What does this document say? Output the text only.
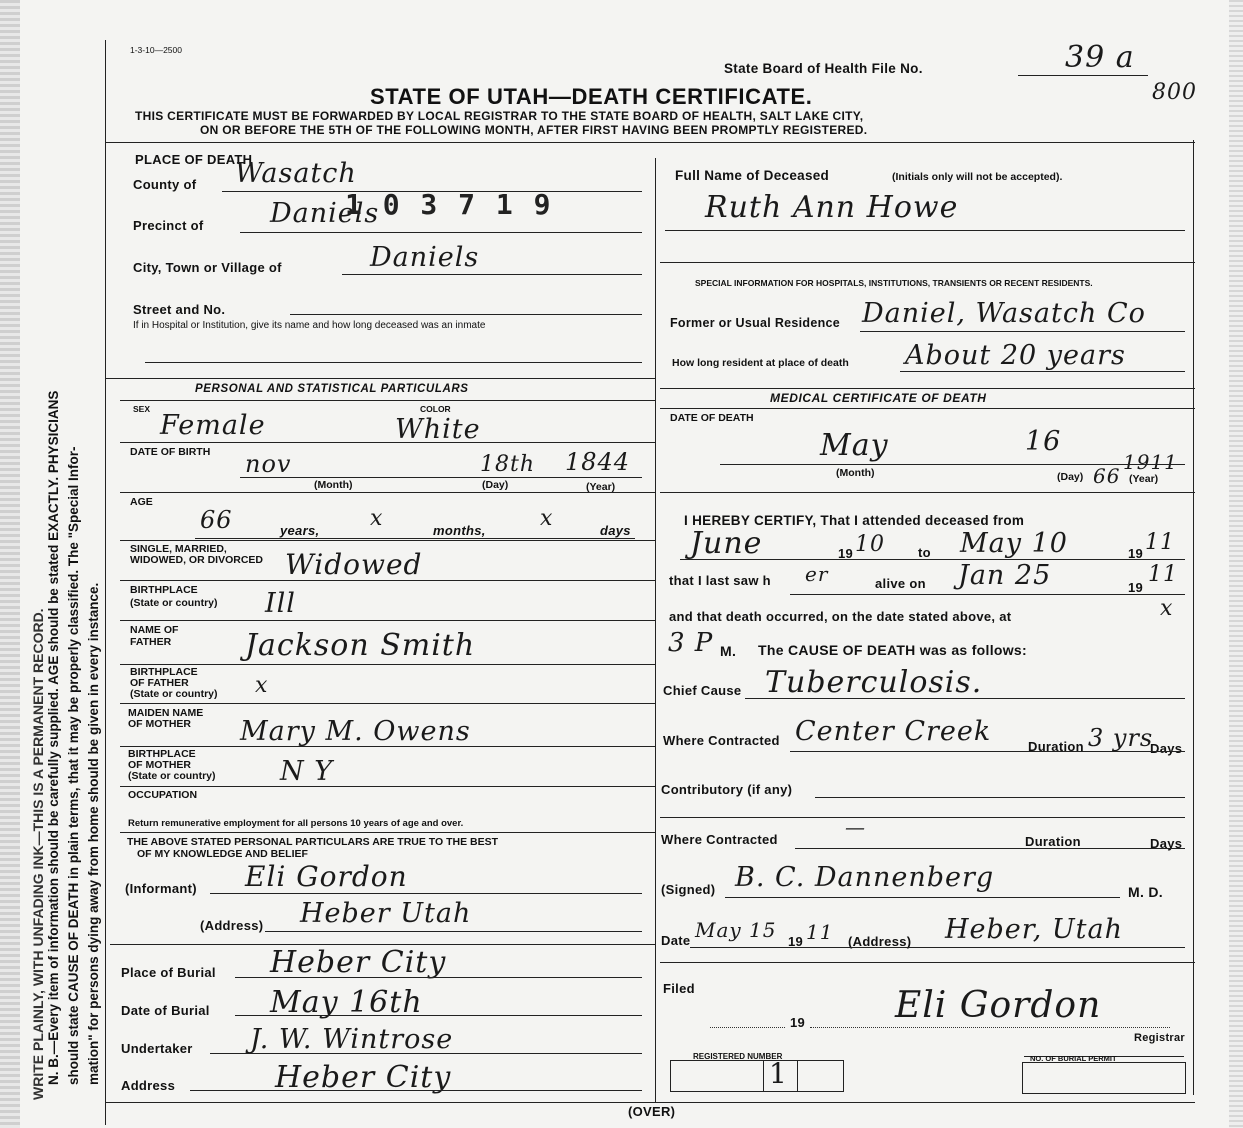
WRITE PLAINLY, WITH UNFADING INK—THIS IS A PERMANENT RECORD. N. B.—Every item of information should be carefully supplied. AGE should be stated EXACTLY. PHYSICIANS should state CAUSE OF DEATH in plain terms, that it may be properly classified. The "Special Infor- mation" for persons dying away from home should be given in every instance.
1-3-10—2500
State Board of Health File No.	39 a
800
STATE OF UTAH—DEATH CERTIFICATE.
THIS CERTIFICATE MUST BE FORWARDED BY LOCAL REGISTRAR TO THE STATE BOARD OF HEALTH, SALT LAKE CITY,
ON OR BEFORE THE 5TH OF THE FOLLOWING MONTH, AFTER FIRST HAVING BEEN PROMPTLY REGISTERED.
PLACE OF DEATH
County of Wasatch
Precinct of Daniels
1 0 3 7 1 9
City, Town or Village of	Daniels
Street and No.
If in Hospital or Institution, give its name and how long deceased was an inmate
Full Name of Deceased	(Initials only will not be accepted).
Ruth Ann Howe
SPECIAL INFORMATION FOR HOSPITALS, INSTITUTIONS, TRANSIENTS OR RECENT RESIDENTS.
Former or Usual Residence Daniel, Wasatch Co
How long resident at place of death About 20 years
PERSONAL AND STATISTICAL PARTICULARS
SEX	COLOR
Female	White
DATE OF BIRTH nov	18th 1844
(Month)	(Day)	(Year)
AGE
66	years, x	months, x	days
SINGLE, MARRIED,
WIDOWED, OR DIVORCED Widowed
BIRTHPLACE
(State or country) Ill
NAME OF
FATHER Jackson Smith
BIRTHPLACE
OF FATHER
(State or country) x
MAIDEN NAME
OF MOTHER Mary M. Owens
BIRTHPLACE
OF MOTHER
(State or country) N Y
OCCUPATION
Return remunerative employment for all persons 10 years of age and over.
THE ABOVE STATED PERSONAL PARTICULARS ARE TRUE TO THE BEST
OF MY KNOWLEDGE AND BELIEF
(Informant) Eli Gordon
(Address) Heber Utah
Place of Burial Heber City
Date of Burial May 16th
Undertaker J. W. Wintrose
Address	Heber City
MEDICAL CERTIFICATE OF DEATH
DATE OF DEATH
May	16
1911
(Month)	(Day) 66 (Year)
I HEREBY CERTIFY, That I attended deceased from
June	19 10	to May 10	19 11
that I last saw h er	alive on Jan 25	19
11
and that death occurred, on the date stated above, at	x
3 P M. The CAUSE OF DEATH was as follows:
Chief Cause Tuberculosis.
Where Contracted Center Creek	Duration 3 yrs
Days
Contributory (if any)
Where Contracted
—
Duration	Days
(Signed) B. C. Dannenberg	M. D.
Date May 15 19 11 (Address) Heber, Utah
Filed
19 Eli Gordon
Registrar
REGISTERED NUMBER
1	NO. OF BURIAL PERMIT
(OVER)
